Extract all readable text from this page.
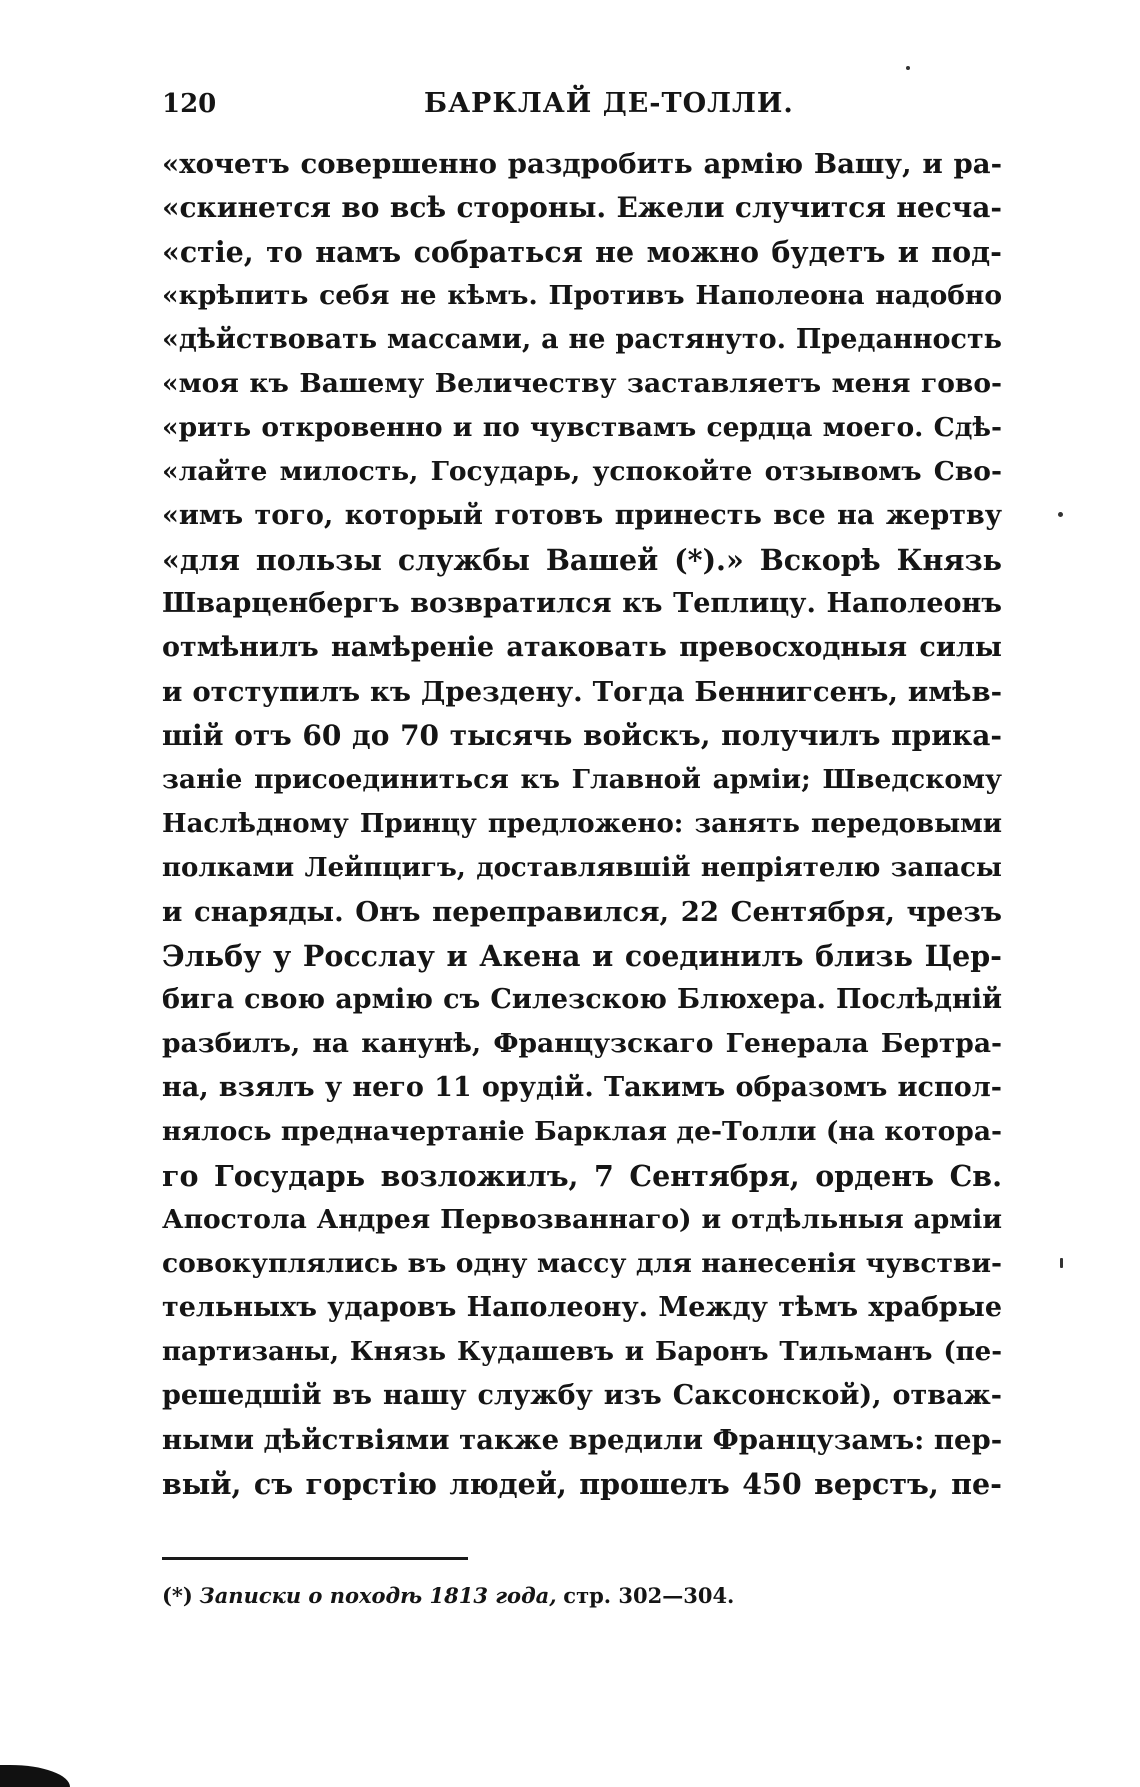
120	БАРКЛАЙ ДЕ-ТОЛЛИ.
«хочетъ совершенно раздробить армію Вашу, и ра-
«скинется во всѣ стороны. Ежели случится несча-
«стіе, то намъ собраться не можно будетъ и под-
«крѣпить себя не кѣмъ. Противъ Наполеона надобно
«дѣйствовать массами, а не растянуто. Преданность
«моя къ Вашему Величеству заставляетъ меня гово-
«рить откровенно и по чувствамъ сердца моего. Сдѣ-
«лайте милость, Государь, успокойте отзывомъ Сво-
«имъ того, который готовъ принесть все на жертву
«для пользы службы Вашей (*).» Вскорѣ Князь
Шварценбергъ возвратился къ Теплицу. Наполеонъ
отмѣнилъ намѣреніе атаковать превосходныя силы
и отступилъ къ Дрездену. Тогда Беннигсенъ, имѣв-
шій отъ 60 до 70 тысячь войскъ, получилъ прика-
заніе присоединиться къ Главной арміи; Шведскому
Наслѣдному Принцу предложено: занять передовыми
полками Лейпцигъ, доставлявшій непріятелю запасы
и снаряды. Онъ переправился, 22 Сентября, чрезъ
Эльбу у Росслау и Акена и соединилъ близь Цер-
бига свою армію съ Силезскою Блюхера. Послѣдній
разбилъ, на канунѣ, Французскаго Генерала Бертра-
на, взялъ у него 11 орудій. Такимъ образомъ испол-
нялось предначертаніе Барклая де-Толли (на котора-
го Государь возложилъ, 7 Сентября, орденъ Св.
Апостола Андрея Первозваннаго) и отдѣльныя арміи
совокуплялись въ одну массу для нанесенія чувстви-
тельныхъ ударовъ Наполеону. Между тѣмъ храбрые
партизаны, Князь Кудашевъ и Баронъ Тильманъ (пе-
решедшій въ нашу службу изъ Саксонской), отваж-
ными дѣйствіями также вредили Французамъ: пер-
вый, съ горстію людей, прошелъ 450 верстъ, пе-
(*) Записки о походѣ 1813 года, стр. 302—304.
